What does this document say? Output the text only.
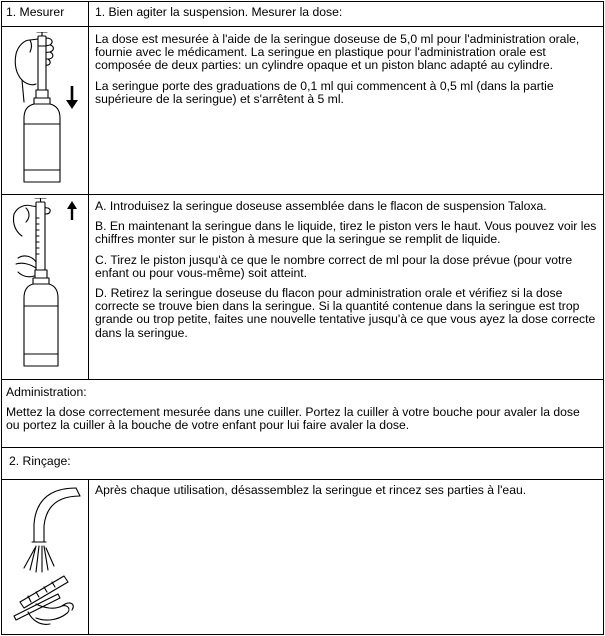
1. Mesurer	1. Bien agiter la suspension. Mesurer la dose:

La dose est mesurée à l'aide de la seringue doseuse de 5,0 ml pour l'administration orale, fournie avec le médicament. La seringue en plastique pour l'administration orale est composée de deux parties: un cylindre opaque et un piston blanc adapté au cylindre.

La seringue porte des graduations de 0,1 ml qui commencent à 0,5 ml (dans la partie supérieure de la seringue) et s'arrêtent à 5 ml.

A. Introduisez la seringue doseuse assemblée dans le flacon de suspension Taloxa.

B. En maintenant la seringue dans le liquide, tirez le piston vers le haut. Vous pouvez voir les chiffres monter sur le piston à mesure que la seringue se remplit de liquide.

C. Tirez le piston jusqu'à ce que le nombre correct de ml pour la dose prévue (pour votre enfant ou pour vous-même) soit atteint.

D. Retirez la seringue doseuse du flacon pour administration orale et vérifiez si la dose correcte se trouve bien dans la seringue. Si la quantité contenue dans la seringue est trop grande ou trop petite, faites une nouvelle tentative jusqu'à ce que vous ayez la dose correcte dans la seringue.

Administration:

Mettez la dose correctement mesurée dans une cuiller. Portez la cuiller à votre bouche pour avaler la dose ou portez la cuiller à la bouche de votre enfant pour lui faire avaler la dose.

2. Rinçage:
Après chaque utilisation, désassemblez la seringue et rincez ses parties à l'eau.
